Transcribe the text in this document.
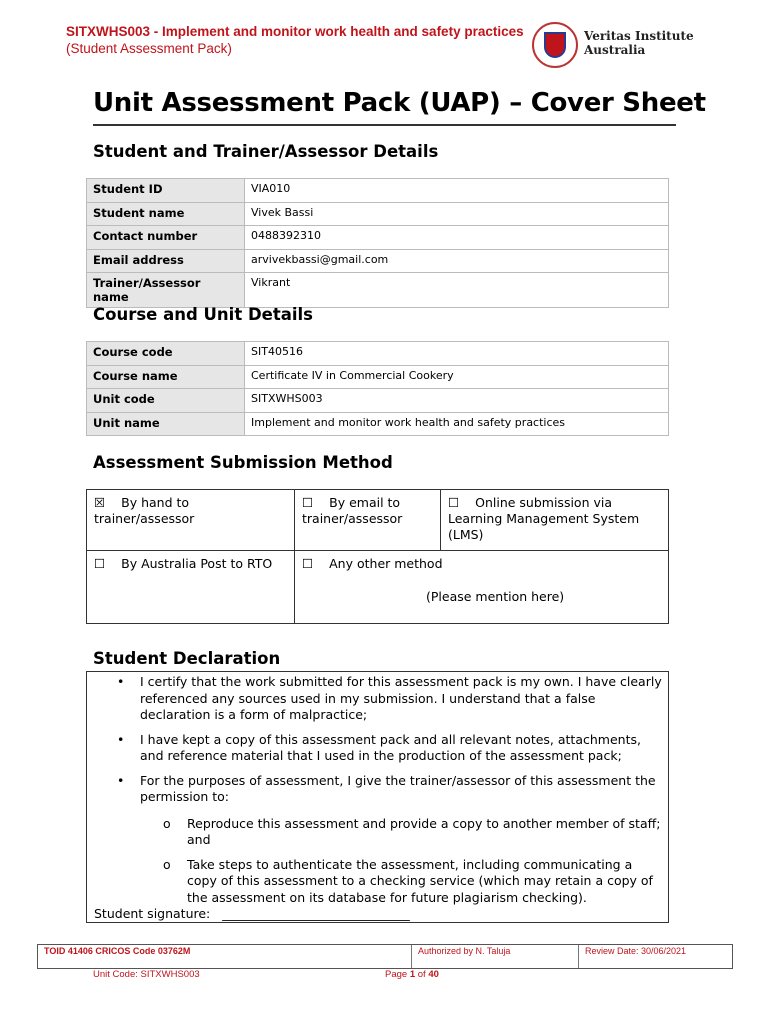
SITXWHS003 - Implement and monitor work health and safety practices
(Student Assessment Pack)
Veritas Institute
Australia
Unit Assessment Pack (UAP) – Cover Sheet
Student and Trainer/Assessor Details
Student ID	VIA010
Student name	Vivek Bassi
Contact number	0488392310
Email address	arvivekbassi@gmail.com
Trainer/Assessor name	Vikrant
Course and Unit Details
Course code	SIT40516
Course name	Certificate IV in Commercial Cookery
Unit code	SITXWHS003
Unit name	Implement and monitor work health and safety practices
Assessment Submission Method
☒ By hand to trainer/assessor	☐ By email to trainer/assessor	☐ Online submission via Learning Management System (LMS)
☐ By Australia Post to RTO	☐ Any other method
_______________________________________________
(Please mention here)	
Student Declaration
• I certify that the work submitted for this assessment pack is my own. I have clearly referenced any sources used in my submission. I understand that a false declaration is a form of malpractice;
• I have kept a copy of this assessment pack and all relevant notes, attachments, and reference material that I used in the production of the assessment pack;
• For the purposes of assessment, I give the trainer/assessor of this assessment the permission to:
o Reproduce this assessment and provide a copy to another member of staff; and
o Take steps to authenticate the assessment, including communicating a copy of this assessment to a checking service (which may retain a copy of the assessment on its database for future plagiarism checking).
Student signature: ______________________________
TOID 41406 CRICOS Code 03762M	Authorized by N. Taluja	Review Date: 30/06/2021
Unit Code: SITXWHS003	Page 1 of 40
